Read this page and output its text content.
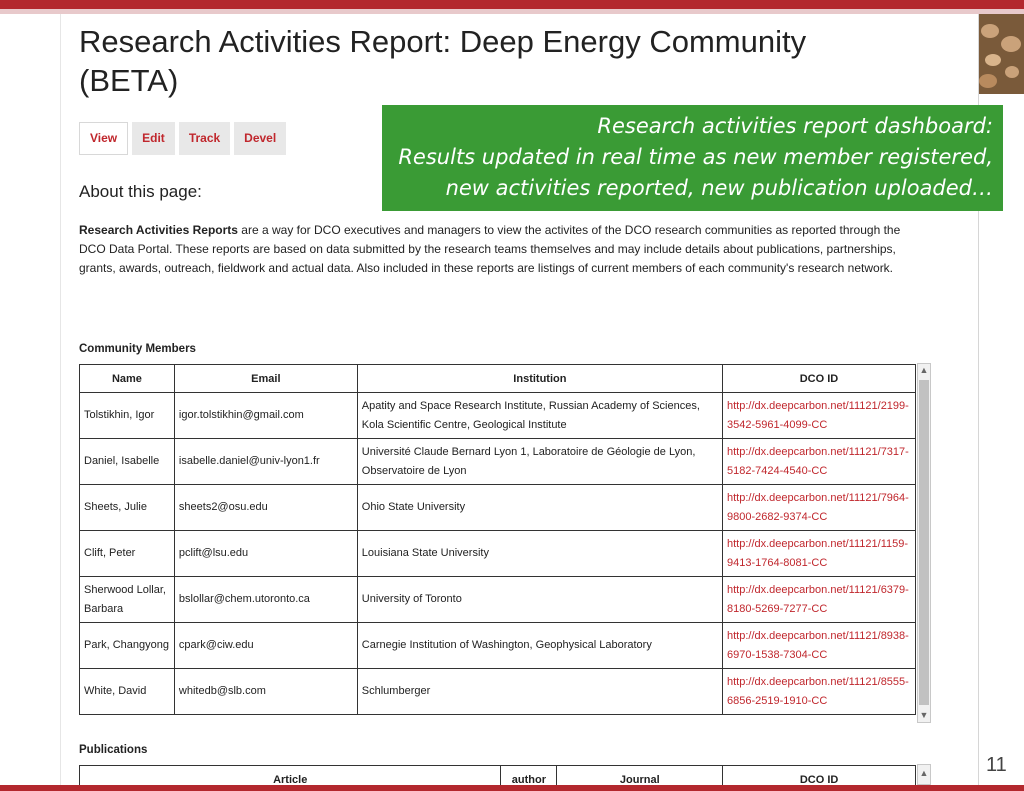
Research Activities Report: Deep Energy Community (BETA)
View	Edit	Track	Devel
About this page:
Research Activities Reports are a way for DCO executives and managers to view the activites of the DCO research communities as reported through the DCO Data Portal. These reports are based on data submitted by the research teams themselves and may include details about publications, partnerships, grants, awards, outreach, fieldwork and actual data. Also included in these reports are listings of current members of each community's research network.
Community Members
Name	Email	Institution	DCO ID
Tolstikhin, Igor	igor.tolstikhin@gmail.com	Apatity and Space Research Institute, Russian Academy of Sciences, Kola Scientific Centre, Geological Institute	http://dx.deepcarbon.net/11121/2199-3542-5961-4099-CC
Daniel, Isabelle	isabelle.daniel@univ-lyon1.fr	Université Claude Bernard Lyon 1, Laboratoire de Géologie de Lyon, Observatoire de Lyon	http://dx.deepcarbon.net/11121/7317-5182-7424-4540-CC
Sheets, Julie	sheets2@osu.edu	Ohio State University	http://dx.deepcarbon.net/11121/7964-9800-2682-9374-CC
Clift, Peter	pclift@lsu.edu	Louisiana State University	http://dx.deepcarbon.net/11121/1159-9413-1764-8081-CC
Sherwood Lollar, Barbara	bslollar@chem.utoronto.ca	University of Toronto	http://dx.deepcarbon.net/11121/6379-8180-5269-7277-CC
Park, Changyong	cpark@ciw.edu	Carnegie Institution of Washington, Geophysical Laboratory	http://dx.deepcarbon.net/11121/8938-6970-1538-7304-CC
White, David	whitedb@slb.com	Schlumberger	http://dx.deepcarbon.net/11121/8555-6856-2519-1910-CC
▲
▼
Publications
Article	author	Journal	DCO ID
▲
Research activities report dashboard:
Results updated in real time as new member registered,
new activities reported, new publication uploaded…
11
